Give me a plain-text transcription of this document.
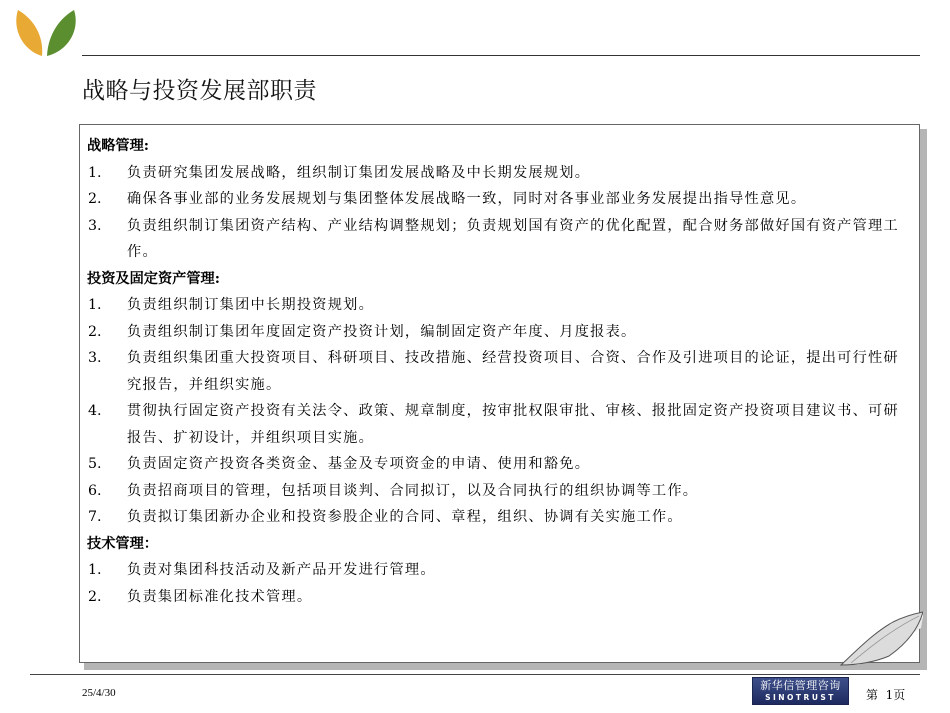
战略与投资发展部职责
战略管理:
1. 负责研究集团发展战略，组织制订集团发展战略及中长期发展规划。
2. 确保各事业部的业务发展规划与集团整体发展战略一致，同时对各事业部业务发展提出指导性意见。
3. 负责组织制订集团资产结构、产业结构调整规划；负责规划国有资产的优化配置，配合财务部做好国有资产管理工作。
投资及固定资产管理:
1. 负责组织制订集团中长期投资规划。
2. 负责组织制订集团年度固定资产投资计划，编制固定资产年度、月度报表。
3. 负责组织集团重大投资项目、科研项目、技改措施、经营投资项目、合资、合作及引进项目的论证，提出可行性研究报告，并组织实施。
4. 贯彻执行固定资产投资有关法令、政策、规章制度，按审批权限审批、审核、报批固定资产投资项目建议书、可研报告、扩初设计，并组织项目实施。
5. 负责固定资产投资各类资金、基金及专项资金的申请、使用和豁免。
6. 负责招商项目的管理，包括项目谈判、合同拟订，以及合同执行的组织协调等工作。
7. 负责拟订集团新办企业和投资参股企业的合同、章程，组织、协调有关实施工作。
技术管理：
1. 负责对集团科技活动及新产品开发进行管理。
2. 负责集团标准化技术管理。
25/4/30
新华信管理咨询
SINOTRUST	第  1页
